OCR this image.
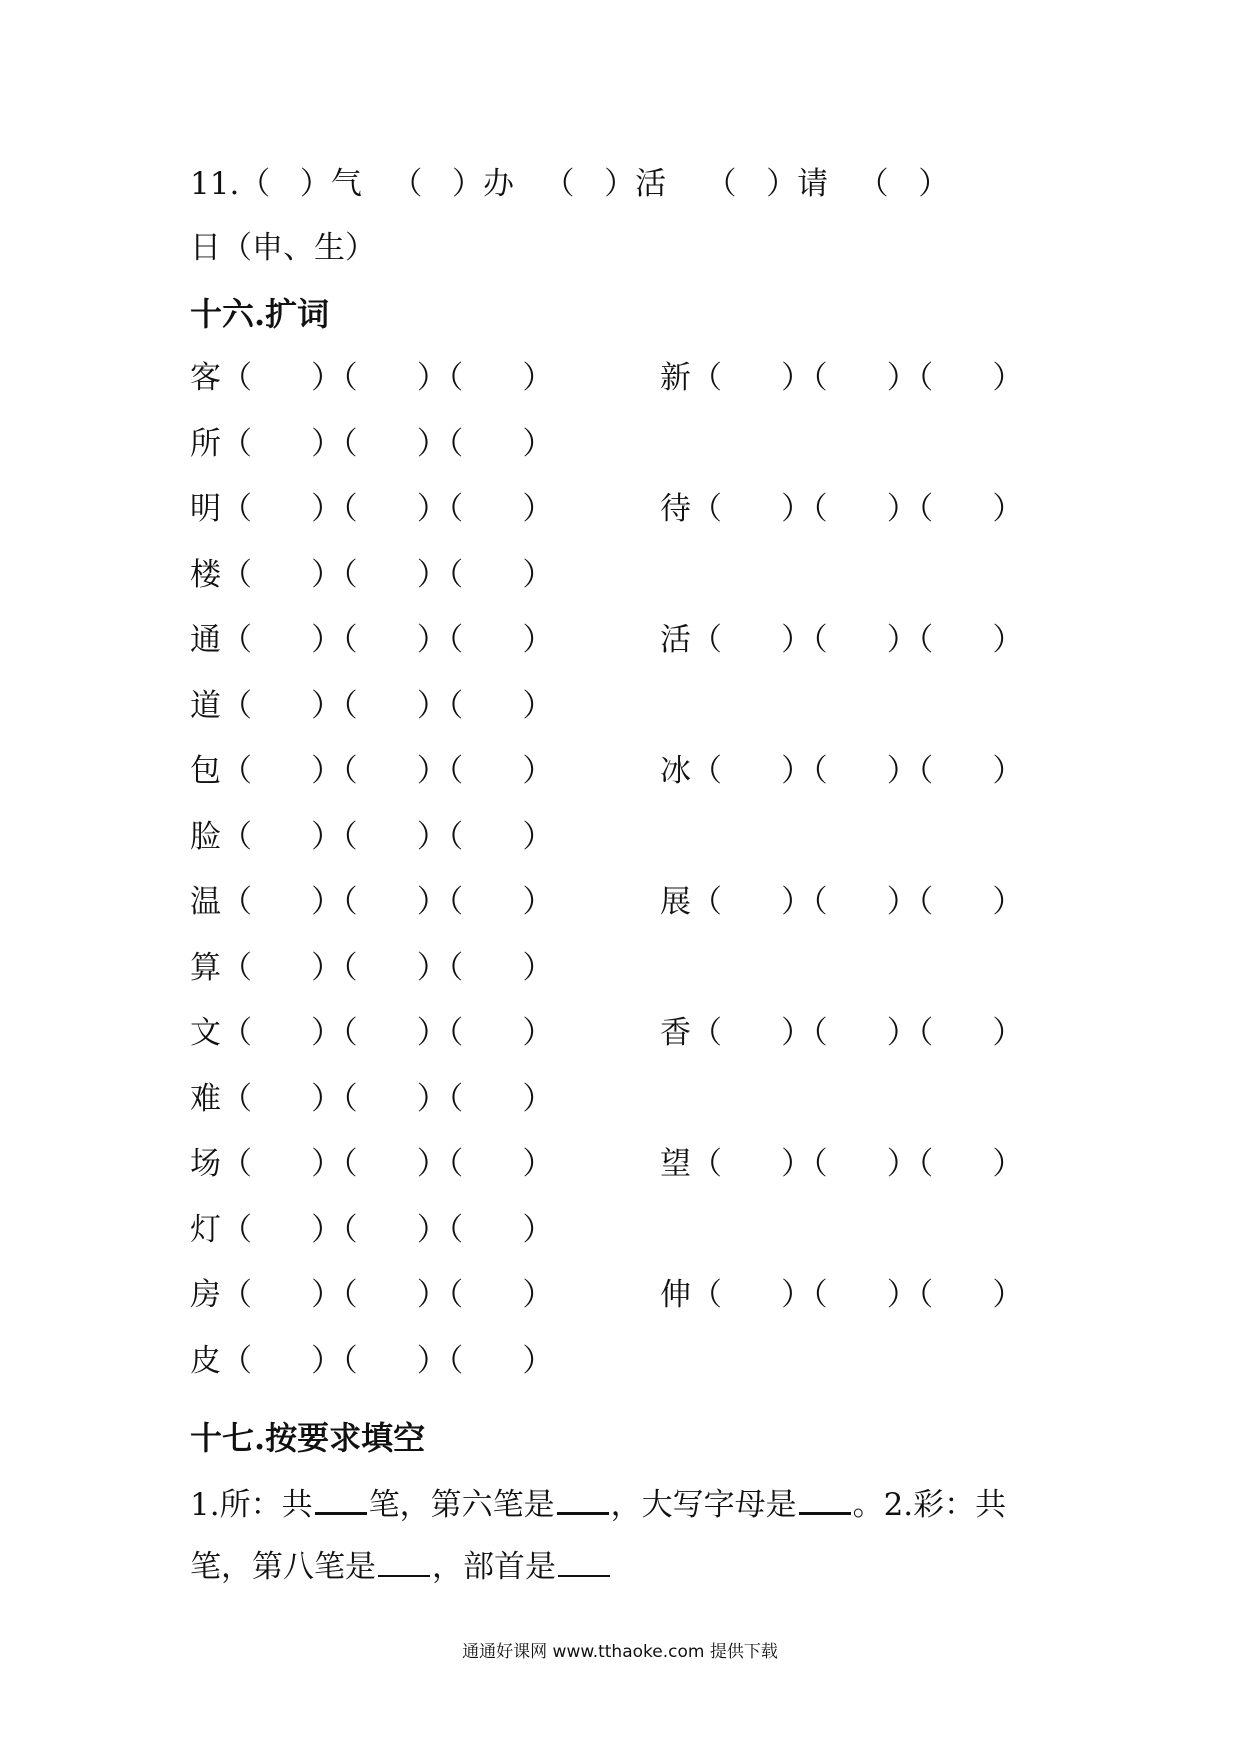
11.（   ）气   （   ）办   （   ）活    （   ）请   （   ）
日（申、生）
十六.扩词
客（      ）（      ）（      ）	新（      ）（      ）（      ）
所（      ）（      ）（      ）
明（      ）（      ）（      ）	待（      ）（      ）（      ）
楼（      ）（      ）（      ）
通（      ）（      ）（      ）	活（      ）（      ）（      ）
道（      ）（      ）（      ）
包（      ）（      ）（      ）	冰（      ）（      ）（      ）
脸（      ）（      ）（      ）
温（      ）（      ）（      ）	展（      ）（      ）（      ）
算（      ）（      ）（      ）
文（      ）（      ）（      ）	香（      ）（      ）（      ）
难（      ）（      ）（      ）
场（      ）（      ）（      ）	望（      ）（      ）（      ）
灯（      ）（      ）（      ）
房（      ）（      ）（      ）	伸（      ）（      ）（      ）
皮（      ）（      ）（      ）
十七.按要求填空
1.所：共 笔，第六笔是 ，大写字母是 。2.彩：共
笔，第八笔是 ，部首是
通通好课网 www.tthaoke.com 提供下载
